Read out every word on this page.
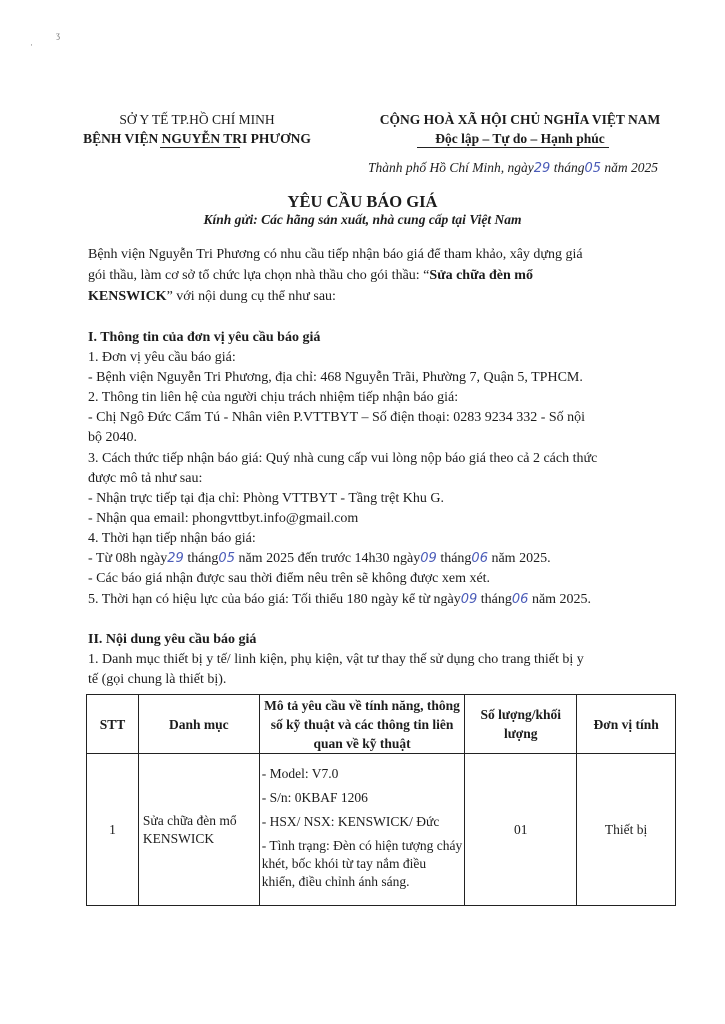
·
ʒ
SỞ Y TẾ TP.HỒ CHÍ MINH
BỆNH VIỆN NGUYỄN TRI PHƯƠNG
CỘNG HOÀ XÃ HỘI CHỦ NGHĨA VIỆT NAM
Độc lập – Tự do – Hạnh phúc
Thành phố Hồ Chí Minh, ngày29 tháng05 năm 2025
YÊU CẦU BÁO GIÁ
Kính gửi: Các hãng sản xuất, nhà cung cấp tại Việt Nam
Bệnh viện Nguyễn Tri Phương có nhu cầu tiếp nhận báo giá để tham khảo, xây dựng giá
gói thầu, làm cơ sở tổ chức lựa chọn nhà thầu cho gói thầu: “Sửa chữa đèn mổ
KENSWICK” với nội dung cụ thể như sau:
I. Thông tin của đơn vị yêu cầu báo giá
1. Đơn vị yêu cầu báo giá:
- Bệnh viện Nguyễn Tri Phương, địa chỉ: 468 Nguyễn Trãi, Phường 7, Quận 5, TPHCM.
2. Thông tin liên hệ của người chịu trách nhiệm tiếp nhận báo giá:
- Chị Ngô Đức Cẩm Tú - Nhân viên P.VTTBYT – Số điện thoại: 0283 9234 332 - Số nội
bộ 2040.
3. Cách thức tiếp nhận báo giá: Quý nhà cung cấp vui lòng nộp báo giá theo cả 2 cách thức
được mô tả như sau:
- Nhận trực tiếp tại địa chỉ: Phòng VTTBYT - Tầng trệt Khu G.
- Nhận qua email: phongvttbyt.info@gmail.com
4. Thời hạn tiếp nhận báo giá:
- Từ 08h ngày29 tháng05 năm 2025 đến trước 14h30 ngày09 tháng06 năm 2025.
- Các báo giá nhận được sau thời điểm nêu trên sẽ không được xem xét.
5. Thời hạn có hiệu lực của báo giá: Tối thiểu 180 ngày kể từ ngày09 tháng06 năm 2025.
II. Nội dung yêu cầu báo giá
1. Danh mục thiết bị y tế/ linh kiện, phụ kiện, vật tư thay thế sử dụng cho trang thiết bị y
tế (gọi chung là thiết bị).
STT	Danh mục	Mô tả yêu cầu về tính năng, thông số kỹ thuật và các thông tin liên quan về kỹ thuật	Số lượng/khối lượng	Đơn vị tính
1	Sửa chữa đèn mổ KENSWICK	- Model: V7.0
- S/n: 0KBAF 1206
- HSX/ NSX: KENSWICK/ Đức
- Tình trạng: Đèn có hiện tượng cháy khét, bốc khói từ tay nắm điều khiển, điều chỉnh ánh sáng.	01	Thiết bị
